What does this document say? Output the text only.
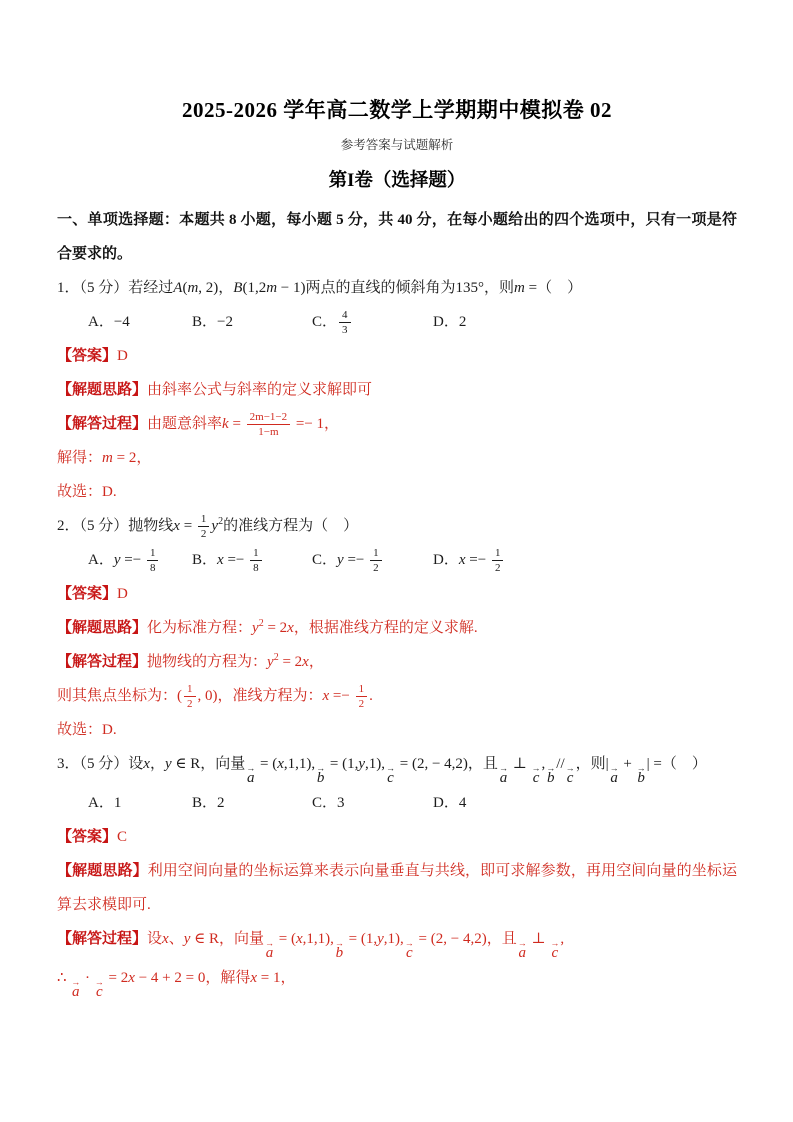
2025-2026 学年高二数学上学期期中模拟卷 02
参考答案与试题解析
第I卷（选择题）
一、单项选择题：本题共 8 小题，每小题 5 分，共 40 分，在每小题给出的四个选项中，只有一项是符合要求的。
1．（5 分）若经过A(m, 2)，B(1,2m − 1)两点的直线的倾斜角为135°，则m =（　）
A．−4	B．−2	C． $\frac{4}{3}$	D．2
【答案】D
【解题思路】由斜率公式与斜率的定义求解即可
【解答过程】由题意斜率$k = \frac{2m-1-2}{1-m} =- 1$，
解得：m = 2，
故选：D.
2．（5 分）抛物线$x = \frac{1}{2} y^2$的准线方程为（　）
A．$y =- \frac{1}{8}$ B．$x =- \frac{1}{8}$	C．$y =- \frac{1}{2}$	D．$x =- \frac{1}{2}$
【答案】D
【解题思路】化为标准方程：$y^2 = 2x$，根据准线方程的定义求解.
【解答过程】抛物线的方程为：$y^2 = 2x$，
则其焦点坐标为：( $\frac{1}{2}$ , 0)，准线方程为：$x =- \frac{1}{2}$ .
故选：D.
3．（5 分）设x，y ∈ R，向量 →
a
= (x,1,1), →
b
= (1,y,1), →
c
= (2, − 4,2)，且 →
a
⊥ →
c
, →
b
// →
c
，则| →
a
+ →
b
| =（　）
A．1	B．2	C．3	D．4
【答案】C
【解题思路】利用空间向量的坐标运算来表示向量垂直与共线，即可求解参数，再用空间向量的坐标运算去求模即可.
【解答过程】设x、y ∈ R，向量 →
a
= (x,1,1), →
b
= (1,y,1), →
c
= (2, − 4,2)，且 →
a
⊥ →
c
,
∴ →
a
· →
c
= 2x − 4 + 2 = 0，解得x = 1，
